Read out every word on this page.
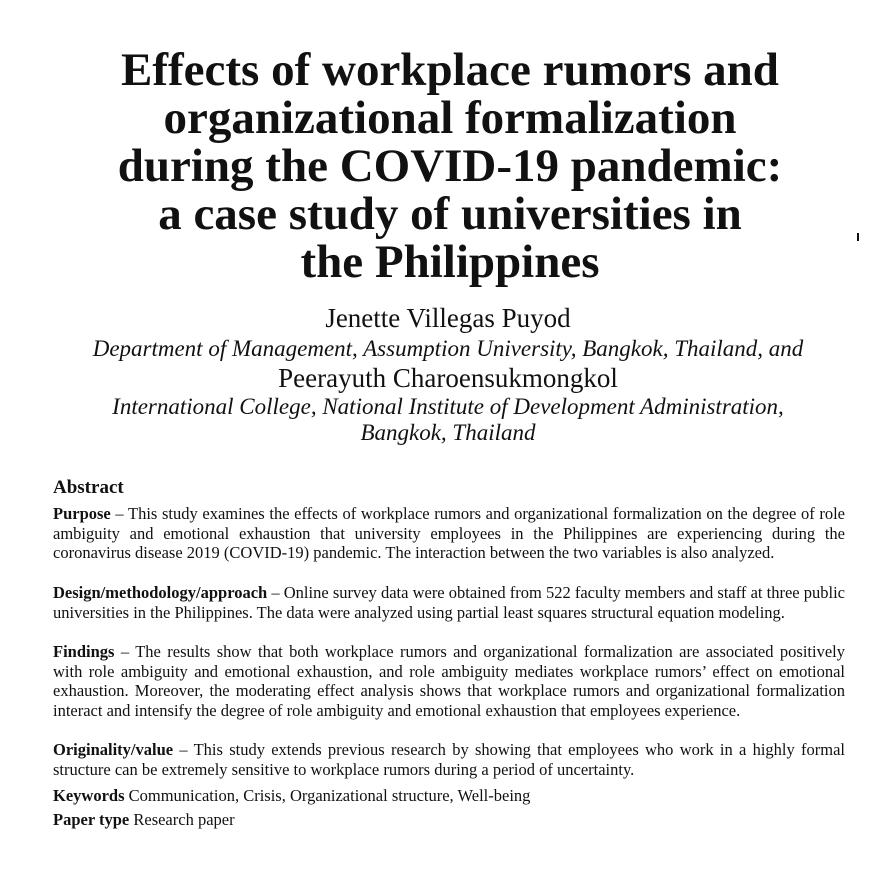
Effects of workplace rumors and
organizational formalization
during the COVID-19 pandemic:
a case study of universities in
the Philippines
Jenette Villegas Puyod
Department of Management, Assumption University, Bangkok, Thailand, and
Peerayuth Charoensukmongkol
International College, National Institute of Development Administration,
Bangkok, Thailand
Abstract
Purpose – This study examines the effects of workplace rumors and organizational formalization on the degree of role ambiguity and emotional exhaustion that university employees in the Philippines are experiencing during the coronavirus disease 2019 (COVID-19) pandemic. The interaction between the two variables is also analyzed.
Design/methodology/approach – Online survey data were obtained from 522 faculty members and staff at three public universities in the Philippines. The data were analyzed using partial least squares structural equation modeling.
Findings – The results show that both workplace rumors and organizational formalization are associated positively with role ambiguity and emotional exhaustion, and role ambiguity mediates workplace rumors’ effect on emotional exhaustion. Moreover, the moderating effect analysis shows that workplace rumors and organizational formalization interact and intensify the degree of role ambiguity and emotional exhaustion that employees experience.
Originality/value – This study extends previous research by showing that employees who work in a highly formal structure can be extremely sensitive to workplace rumors during a period of uncertainty.
Keywords Communication, Crisis, Organizational structure, Well-being
Paper type Research paper
